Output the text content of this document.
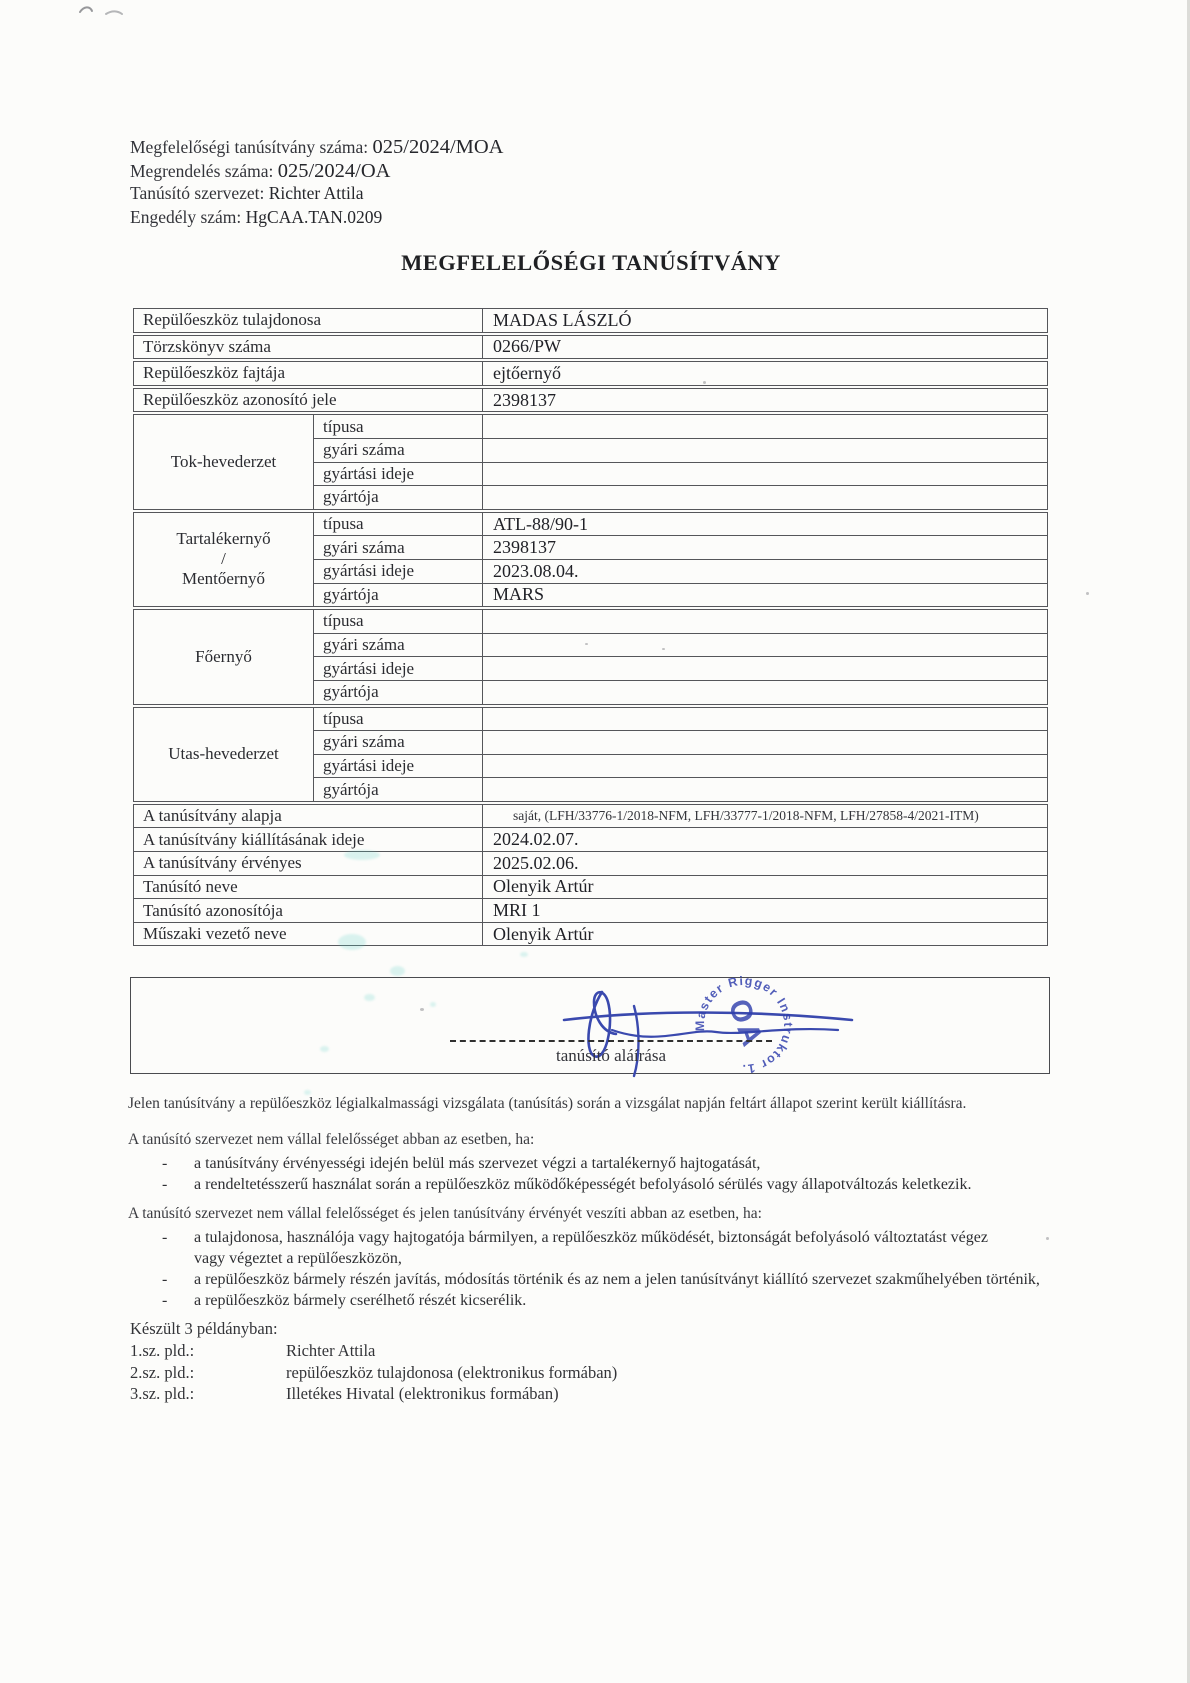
Megfelelőségi tanúsítvány száma: 025/2024/MOA
Megrendelés száma: 025/2024/OA
Tanúsító szervezet: Richter Attila
Engedély szám: HgCAA.TAN.0209
MEGFELELŐSÉGI TANÚSÍTVÁNY
Repülőeszköz tulajdonosa		MADAS LÁSZLÓ
Törzskönyv száma		0266/PW
Repülőeszköz fajtája		ejtőernyő
Repülőeszköz azonosító jele		2398137

Tok-hevederzet	típusa	
	gyári száma	
	gyártási ideje	
	gyártója	

Tartalékernyő
/
Mentőernyő	típusa	ATL-88/90-1
	gyári száma	2398137
	gyártási ideje	2023.08.04.
	gyártója	MARS

Főernyő	típusa	
	gyári száma	
	gyártási ideje	
	gyártója	

Utas-hevederzet	típusa	
	gyári száma	
	gyártási ideje	
	gyártója	
A tanúsítvány alapja		saját, (LFH/33776-1/2018-NFM, LFH/33777-1/2018-NFM, LFH/27858-4/2021-ITM)
A tanúsítvány kiállításának ideje		2024.02.07.
A tanúsítvány érvényes		2025.02.06.
Tanúsító neve		Olenyik Artúr
Tanúsító azonosítója		MRI 1
Műszaki vezető neve		Olenyik Artúr
Master Rigger Instruktor 1.
OA
tanúsító aláírása
Jelen tanúsítvány a repülőeszköz légialkalmassági vizsgálata (tanúsítás) során a vizsgálat napján feltárt állapot szerint került kiállításra.
A tanúsító szervezet nem vállal felelősséget abban az esetben, ha:
-	a tanúsítvány érvényességi idején belül más szervezet végzi a tartalékernyő hajtogatását,
-	a rendeltetésszerű használat során a repülőeszköz működőképességét befolyásoló sérülés vagy állapotváltozás keletkezik.
A tanúsító szervezet nem vállal felelősséget és jelen tanúsítvány érvényét veszíti abban az esetben, ha:
-	a tulajdonosa, használója vagy hajtogatója bármilyen, a repülőeszköz működését, biztonságát befolyásoló változtatást végez vagy végeztet a repülőeszközön,
-	a repülőeszköz bármely részén javítás, módosítás történik és az nem a jelen tanúsítványt kiállító szervezet szakműhelyében történik,
-	a repülőeszköz bármely cserélhető részét kicserélik.
Készült 3 példányban:
1.sz. pld.:	Richter Attila
2.sz. pld.:	repülőeszköz tulajdonosa (elektronikus formában)
3.sz. pld.:	Illetékes Hivatal (elektronikus formában)
